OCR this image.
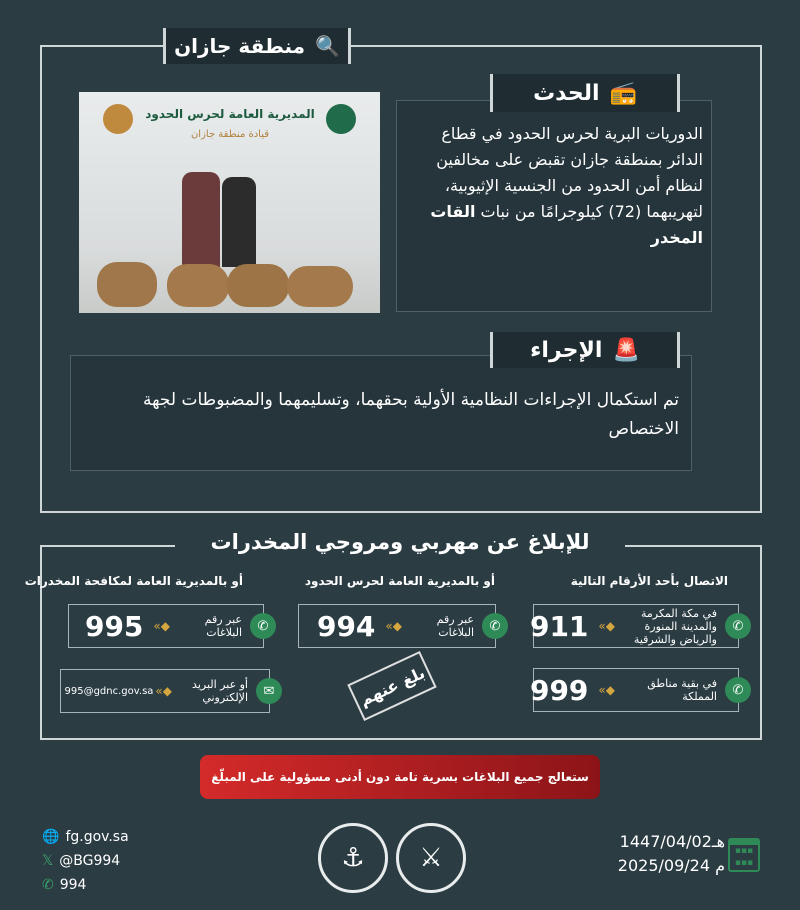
🔍
منطقة جازان
المديرية العامة لحرس الحدود
قيادة منطقة جازان	الدوريات البرية لحرس الحدود في قطاع الدائر بمنطقة جازان تقبض على مخالفين لنظام أمن الحدود من الجنسية الإثيوبية، لتهريبهما (72) كيلوجرامًا من نبات القات المخدر
📻
الحدث
تم استكمال الإجراءات النظامية الأولية بحقهما، وتسليمهما والمضبوطات لجهة الاختصاص
🚨
الإجراء
للإبلاغ عن مهربي ومروجي المخدرات
الاتصال بأحد الأرقام التالية
أو بالمديرية العامة لحرس الحدود
أو بالمديرية العامة لمكافحة المخدرات
✆
في مكة المكرمة والمدينة المنورة والرياض والشرقية
◆»
911
✆
في بقية مناطق المملكة
◆»
999
✆
عبر رقم البلاغات
◆»
994
✆
عبر رقم البلاغات
◆»
995
✉
أو عبر البريد الإلكتروني
◆»
995@gdnc.gov.sa	بلغ عنهم
ستعالج جميع البلاغات بسرية تامة دون أدنى مسؤولية على المبلّغ
🌐 fg.gov.sa
𝕏 @BG994
✆ 994
⚓	⚔
1447/04/02هـ
2025/09/24 م
▪▪▪
▪▪▪
